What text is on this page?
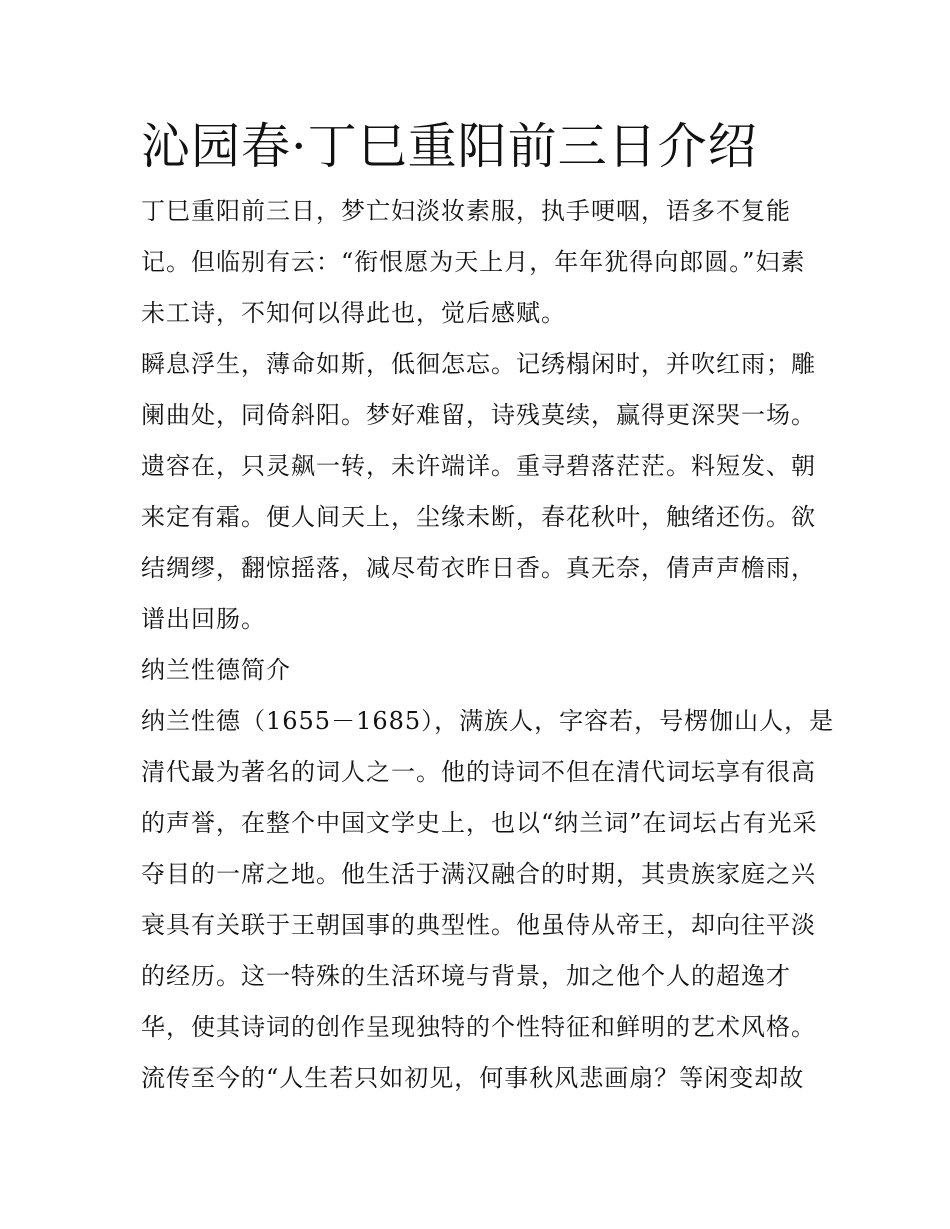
沁园春·丁巳重阳前三日介绍
丁巳重阳前三日，梦亡妇淡妆素服，执手哽咽，语多不复能
记。但临别有云：“衔恨愿为天上月，年年犹得向郎圆。”妇素
未工诗，不知何以得此也，觉后感赋。
瞬息浮生，薄命如斯，低徊怎忘。记绣榻闲时，并吹红雨；雕
阑曲处，同倚斜阳。梦好难留，诗残莫续，赢得更深哭一场。
遗容在，只灵飙一转，未许端详。重寻碧落茫茫。料短发、朝
来定有霜。便人间天上，尘缘未断，春花秋叶，触绪还伤。欲
结绸缪，翻惊摇落，减尽荀衣昨日香。真无奈，倩声声檐雨，
谱出回肠。
纳兰性德简介
纳兰性德（1655－1685），满族人，字容若，号楞伽山人，是
清代最为著名的词人之一。他的诗词不但在清代词坛享有很高
的声誉，在整个中国文学史上，也以“纳兰词”在词坛占有光采
夺目的一席之地。他生活于满汉融合的时期，其贵族家庭之兴
衰具有关联于王朝国事的典型性。他虽侍从帝王，却向往平淡
的经历。这一特殊的生活环境与背景，加之他个人的超逸才
华，使其诗词的创作呈现独特的个性特征和鲜明的艺术风格。
流传至今的“人生若只如初见，何事秋风悲画扇？等闲变却故
